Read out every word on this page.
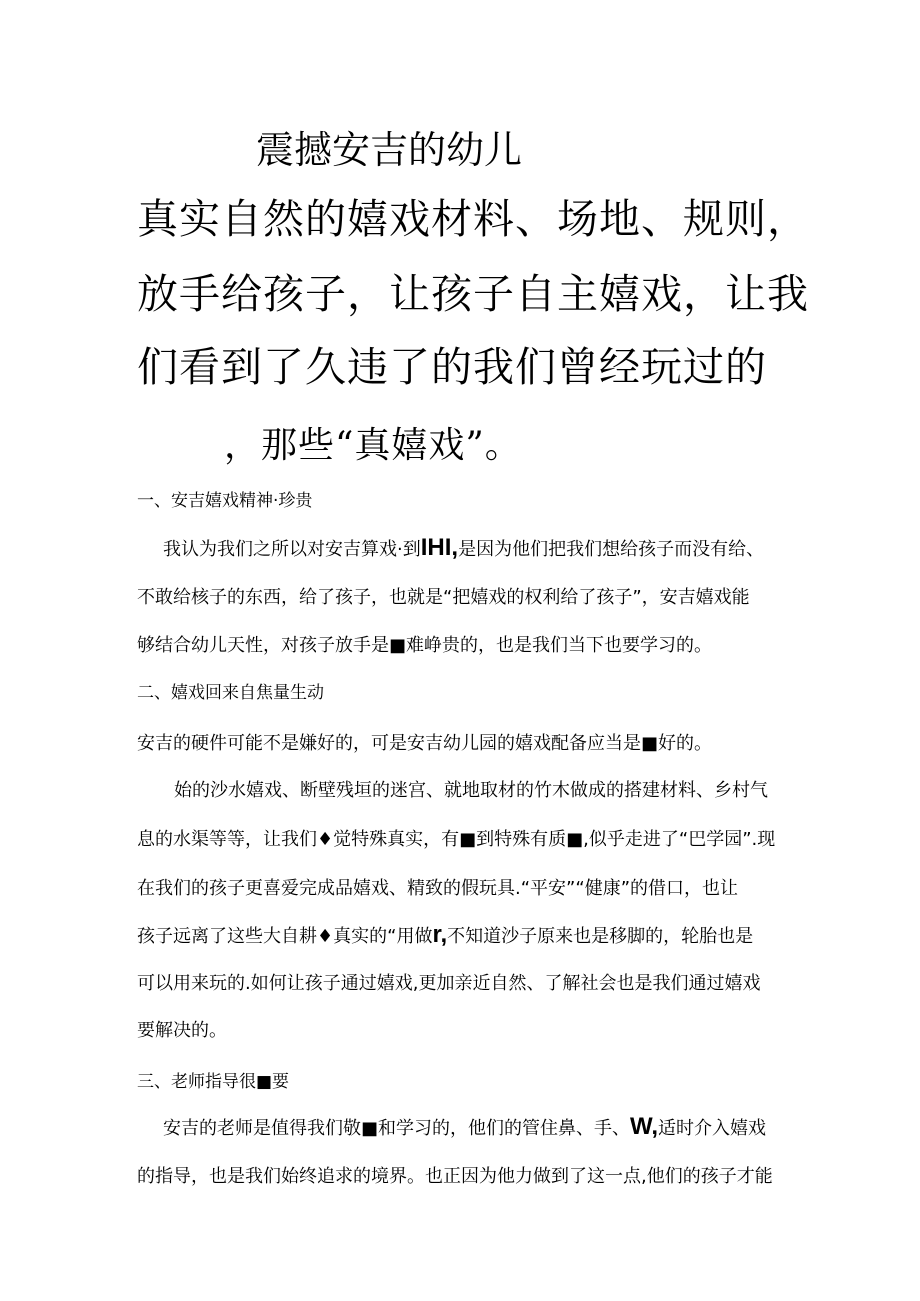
震撼安吉的幼儿

真实自然的嬉戏材料、场地、规则，

放手给孩子，让孩子自主嬉戏，让我

们看到了久违了的我们曾经玩过的

，那些“真嬉戏”。

一、安吉嬉戏精神·珍贵

我认为我们之所以对安吉算戏·到IHI,是因为他们把我们想给孩子而没有给、

不敢给核子的东西，给了孩子，也就是“把嬉戏的权利给了孩子”，安吉嬉戏能

够结合幼儿天性，对孩子放手是■难峥贵的，也是我们当下也要学习的。

二、嬉戏回来自焦量生动

安吉的硬件可能不是嫌好的，可是安吉幼儿园的嬉戏配备应当是■好的。

始的沙水嬉戏、断壁残垣的迷宫、就地取材的竹木做成的搭建材料、乡村气

息的水渠等等，让我们♦觉特殊真实，有■到特殊有质■,似乎走进了“巴学园”.现

在我们的孩子更喜爱完成品嬉戏、精致的假玩具.“平安”“健康”的借口，也让

孩子远离了这些大自耕♦真实的“用做r,不知道沙子原来也是移脚的，轮胎也是

可以用来玩的.如何让孩子通过嬉戏,更加亲近自然、了解社会也是我们通过嬉戏

要解决的。

三、老师指导很■要

安吉的老师是值得我们敬■和学习的，他们的管住鼻、手、W,适时介入嬉戏

的指导，也是我们始终追求的境界。也正因为他力做到了这一点,他们的孩子才能
